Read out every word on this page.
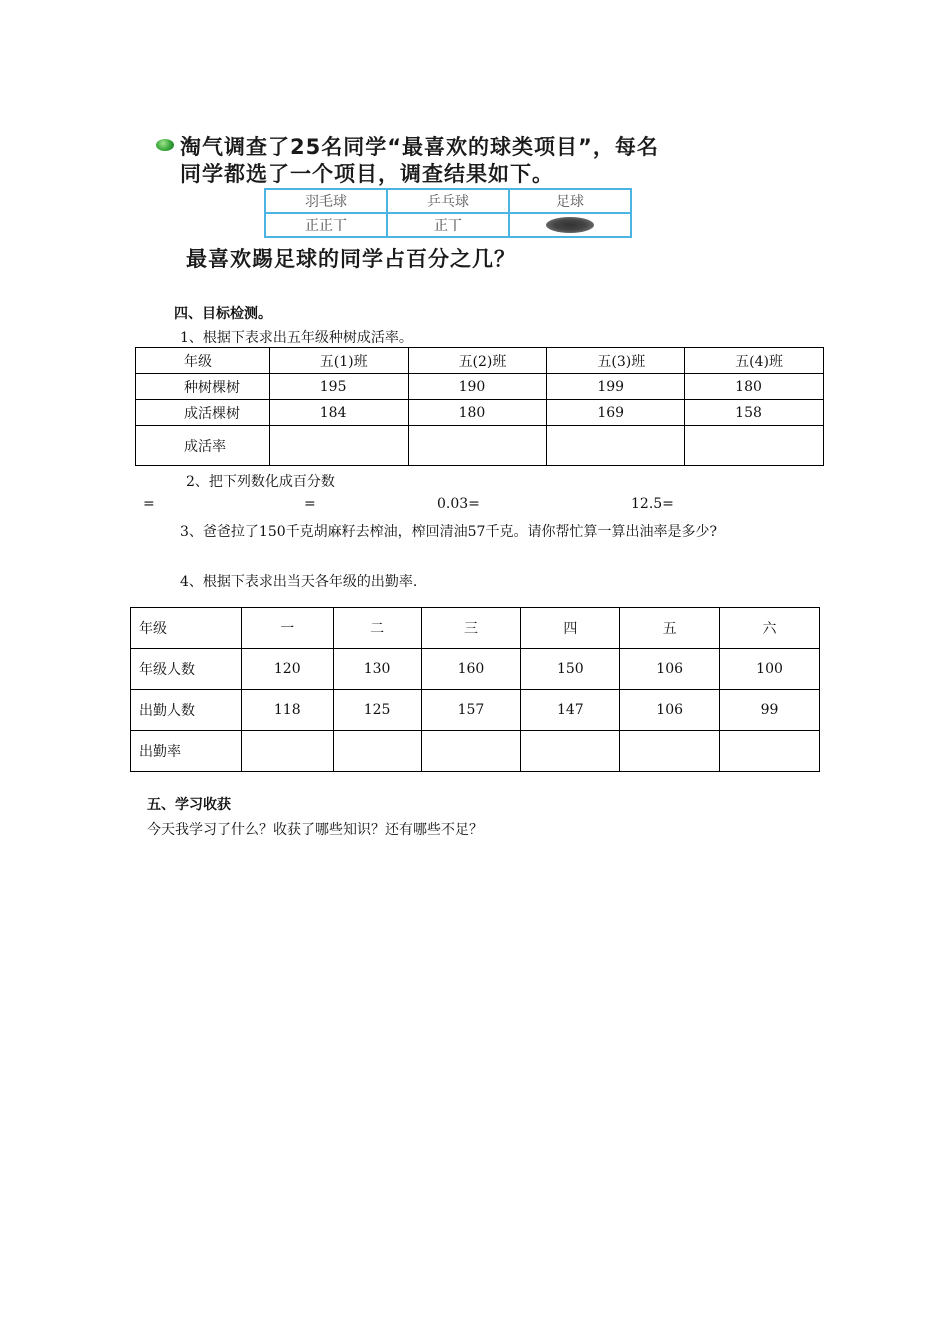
淘气调查了25名同学“最喜欢的球类项目”，每名
同学都选了一个项目，调查结果如下。
羽毛球	乒乓球	足球
正正丅	正丅	
最喜欢踢足球的同学占百分之几？
四、目标检测。
1、根据下表求出五年级种树成活率。
年级	五(1)班	五(2)班	五(3)班	五(4)班
种树棵树	195	190	199	180
成活棵树	184	180	169	158
成活率				
2、把下列数化成百分数
=	=	0.03=	12.5=
3、爸爸拉了150千克胡麻籽去榨油，榨回清油57千克。请你帮忙算一算出油率是多少?
4、根据下表求出当天各年级的出勤率.
年级	一	二	三	四	五	六
年级人数	120	130	160	150	106	100
出勤人数	118	125	157	147	106	99
出勤率						
五、学习收获
今天我学习了什么？收获了哪些知识？还有哪些不足？
